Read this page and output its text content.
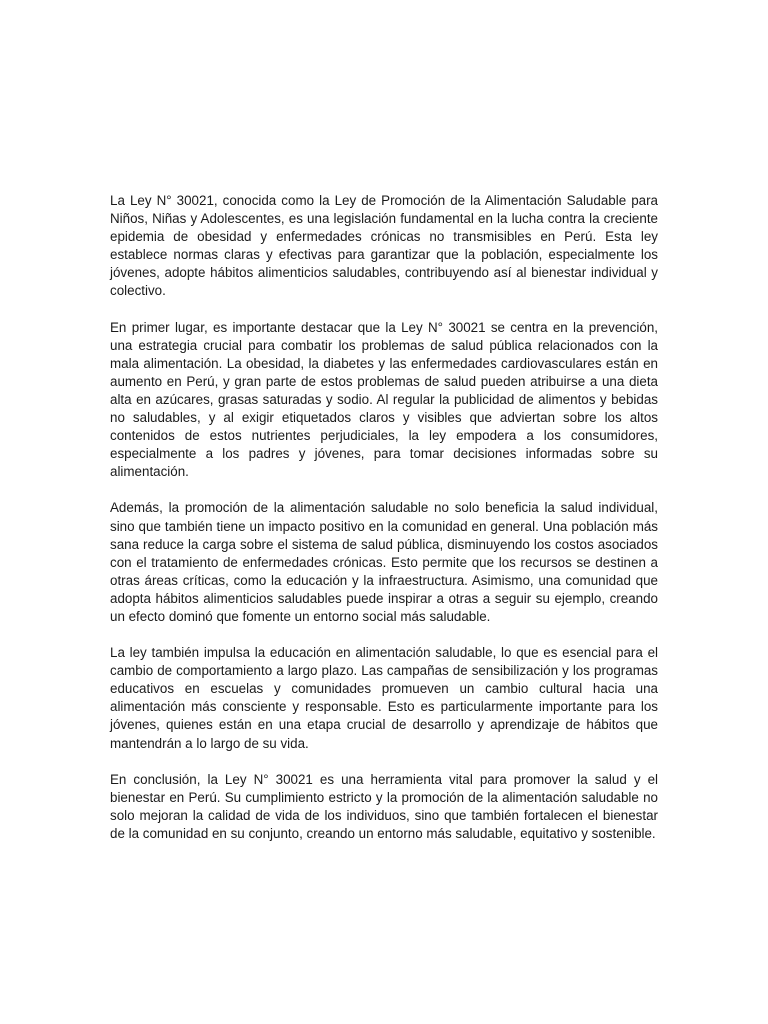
La Ley N° 30021, conocida como la Ley de Promoción de la Alimentación Saludable para Niños, Niñas y Adolescentes, es una legislación fundamental en la lucha contra la creciente epidemia de obesidad y enfermedades crónicas no transmisibles en Perú. Esta ley establece normas claras y efectivas para garantizar que la población, especialmente los jóvenes, adopte hábitos alimenticios saludables, contribuyendo así al bienestar individual y colectivo.

En primer lugar, es importante destacar que la Ley N° 30021 se centra en la prevención, una estrategia crucial para combatir los problemas de salud pública relacionados con la mala alimentación. La obesidad, la diabetes y las enfermedades cardiovasculares están en aumento en Perú, y gran parte de estos problemas de salud pueden atribuirse a una dieta alta en azúcares, grasas saturadas y sodio. Al regular la publicidad de alimentos y bebidas no saludables, y al exigir etiquetados claros y visibles que adviertan sobre los altos contenidos de estos nutrientes perjudiciales, la ley empodera a los consumidores, especialmente a los padres y jóvenes, para tomar decisiones informadas sobre su alimentación.

Además, la promoción de la alimentación saludable no solo beneficia la salud individual, sino que también tiene un impacto positivo en la comunidad en general. Una población más sana reduce la carga sobre el sistema de salud pública, disminuyendo los costos asociados con el tratamiento de enfermedades crónicas. Esto permite que los recursos se destinen a otras áreas críticas, como la educación y la infraestructura. Asimismo, una comunidad que adopta hábitos alimenticios saludables puede inspirar a otras a seguir su ejemplo, creando un efecto dominó que fomente un entorno social más saludable.

La ley también impulsa la educación en alimentación saludable, lo que es esencial para el cambio de comportamiento a largo plazo. Las campañas de sensibilización y los programas educativos en escuelas y comunidades promueven un cambio cultural hacia una alimentación más consciente y responsable. Esto es particularmente importante para los jóvenes, quienes están en una etapa crucial de desarrollo y aprendizaje de hábitos que mantendrán a lo largo de su vida.

En conclusión, la Ley N° 30021 es una herramienta vital para promover la salud y el bienestar en Perú. Su cumplimiento estricto y la promoción de la alimentación saludable no solo mejoran la calidad de vida de los individuos, sino que también fortalecen el bienestar de la comunidad en su conjunto, creando un entorno más saludable, equitativo y sostenible.
